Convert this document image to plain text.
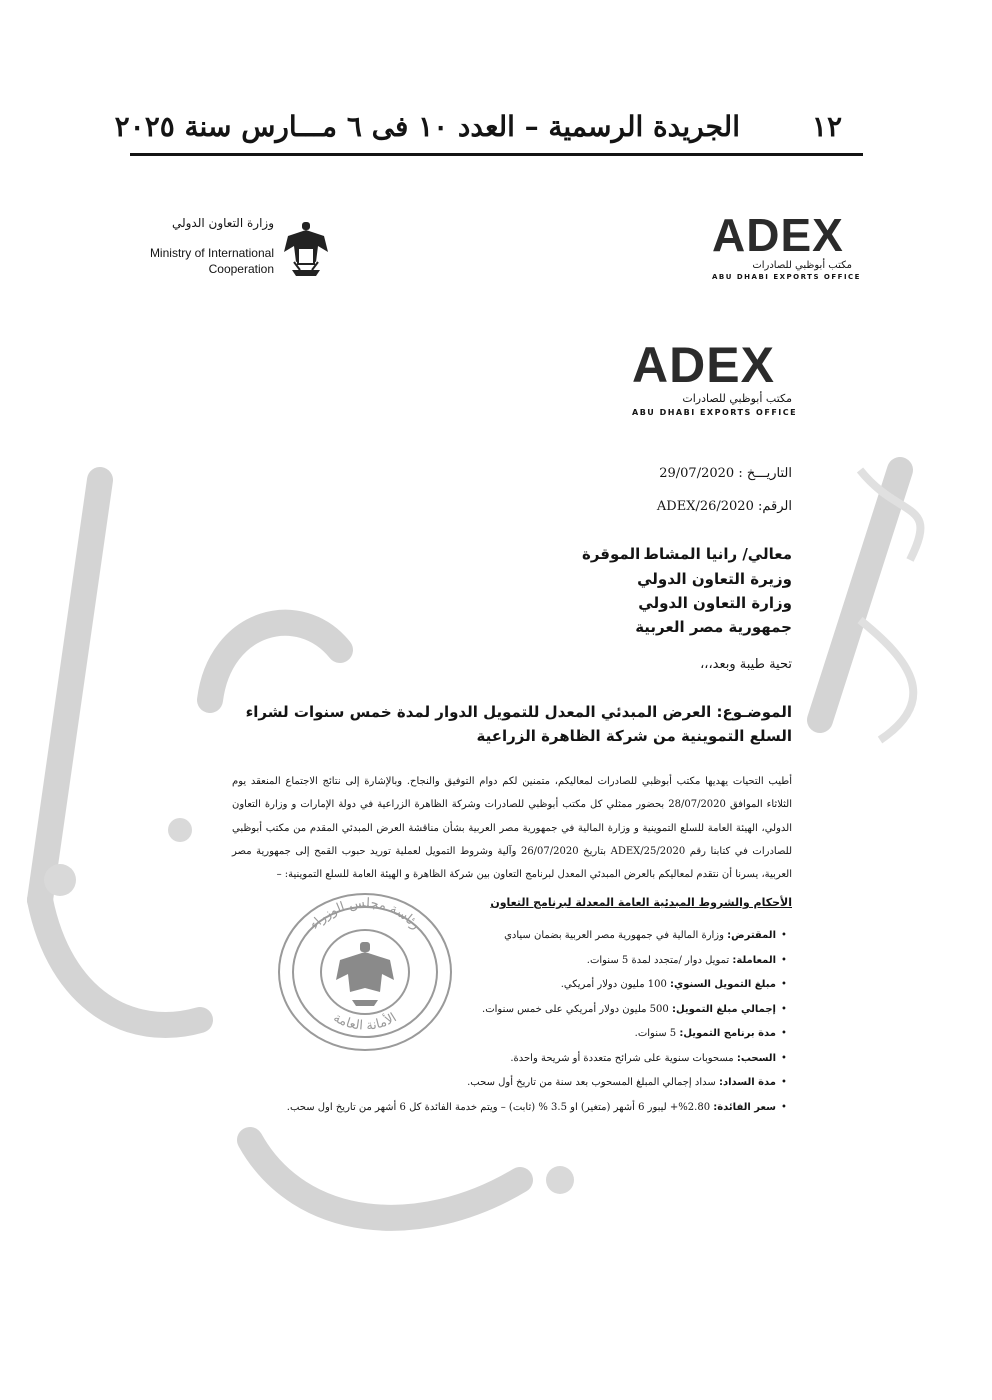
١٢
الجريدة الرسمية – العدد ١٠ فى ٦ مـــارس سنة ٢٠٢٥
وزارة التعاون الدولي
Ministry of International
Cooperation
ADEX
مكتب أبوظبي للصادرات
ABU DHABI EXPORTS OFFICE
ADEX
مكتب أبوظبي للصادرات
ABU DHABI EXPORTS OFFICE
التاريـــخ : 29/07/2020
الرقم: ADEX/26/2020
معالي/ رانيا المشاط
الموقرة
وزيرة التعاون الدولي
وزارة التعاون الدولي
جمهورية مصر العربية
تحية طيبة وبعد،،،
الموضـوع: العرض المبدئي المعدل للتمويل الدوار لمدة خمس سنوات لشراء السلع التموينية من شركة الظاهرة الزراعية
أطيب التحيات يهديها مكتب أبوظبي للصادرات لمعاليكم، متمنين لكم دوام التوفيق والنجاح. وبالإشارة إلى نتائج الاجتماع المنعقد يوم الثلاثاء الموافق 28/07/2020 بحضور ممثلي كل مكتب أبوظبي للصادرات وشركة الظاهرة الزراعية في دولة الإمارات و وزارة التعاون الدولي، الهيئة العامة للسلع التموينية و وزارة المالية في جمهورية مصر العربية بشأن مناقشة العرض المبدئي المقدم من مكتب أبوظبي للصادرات في كتابنا رقم ADEX/25/2020 بتاريخ 26/07/2020 وآلية وشروط التمويل لعملية توريد حبوب القمح إلى جمهورية مصر العربية، يسرنا أن نتقدم لمعاليكم بالعرض المبدئي المعدل لبرنامج التعاون بين شركة الظاهرة و الهيئة العامة للسلع التموينية: –
الأحكام والشروط المبدئية العامة المعدلة لبرنامج التعاون
رئاسة مجلس الوزراء
الأمانة العامة
•المقترض: وزارة المالية في جمهورية مصر العربية بضمان سيادي
•المعاملة: تمويل دوار /متجدد لمدة 5 سنوات.
•مبلغ التمويل السنوي: 100 مليون دولار أمريكي.
•إجمالي مبلغ التمويل: 500 مليون دولار أمريكي على خمس سنوات.
•مدة برنامج التمويل: 5 سنوات.
•السحب: مسحوبات سنوية على شرائح متعددة أو شريحة واحدة.
•مدة السداد: سداد إجمالي المبلغ المسحوب بعد سنة من تاريخ أول سحب.
•سعر الفائدة: 2.80%+ ليبور 6 أشهر (متغير) او 3.5 % (ثابت) – ويتم خدمة الفائدة كل 6 أشهر من تاريخ اول سحب.
